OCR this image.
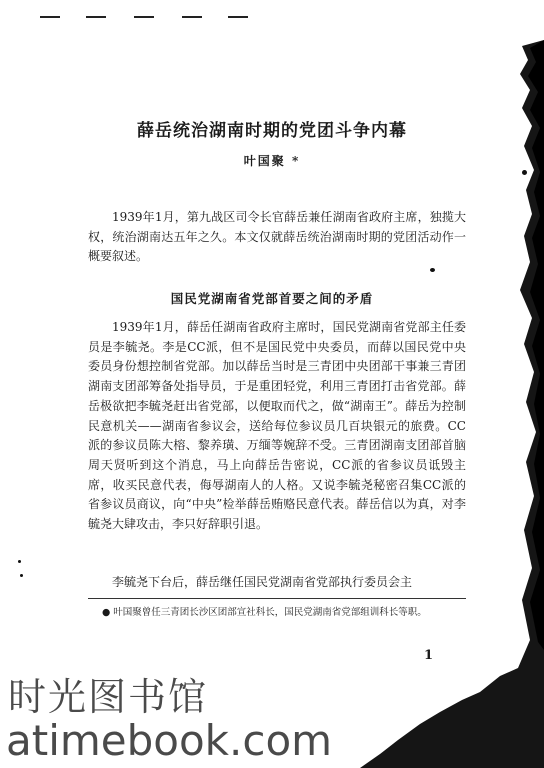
薛岳统治湖南时期的党团斗争内幕
叶国聚 *

1939年1月，第九战区司令长官薛岳兼任湖南省政府主席，独揽大权，统治湖南达五年之久。本文仅就薛岳统治湖南时期的党团活动作一概要叙述。

国民党湖南省党部首要之间的矛盾

1939年1月，薛岳任湖南省政府主席时，国民党湖南省党部主任委员是李毓尧。李是CC派，但不是国民党中央委员，而薛以国民党中央委员身份想控制省党部。加以薛岳当时是三青团中央团部干事兼三青团湖南支团部筹备处指导员，于是重团轻党，利用三青团打击省党部。薛岳极欲把李毓尧赶出省党部，以便取而代之，做“湖南王”。薛岳为控制民意机关——湖南省参议会，送给每位参议员几百块银元的旅费。CC派的参议员陈大榕、黎养璜、万缅等婉辞不受。三青团湖南支团部首脑周天贤听到这个消息，马上向薛岳告密说，CC派的省参议员诋毁主席，收买民意代表，侮辱湖南人的人格。又说李毓尧秘密召集CC派的省参议员商议，向“中央”检举薛岳贿赂民意代表。薛岳信以为真，对李毓尧大肆攻击，李只好辞职引退。

李毓尧下台后，薛岳继任国民党湖南省党部执行委员会主

● 叶国聚曾任三青团长沙区团部宣社科长，国民党湖南省党部组训科长等职。

1
时光图书馆
atimebook.com
